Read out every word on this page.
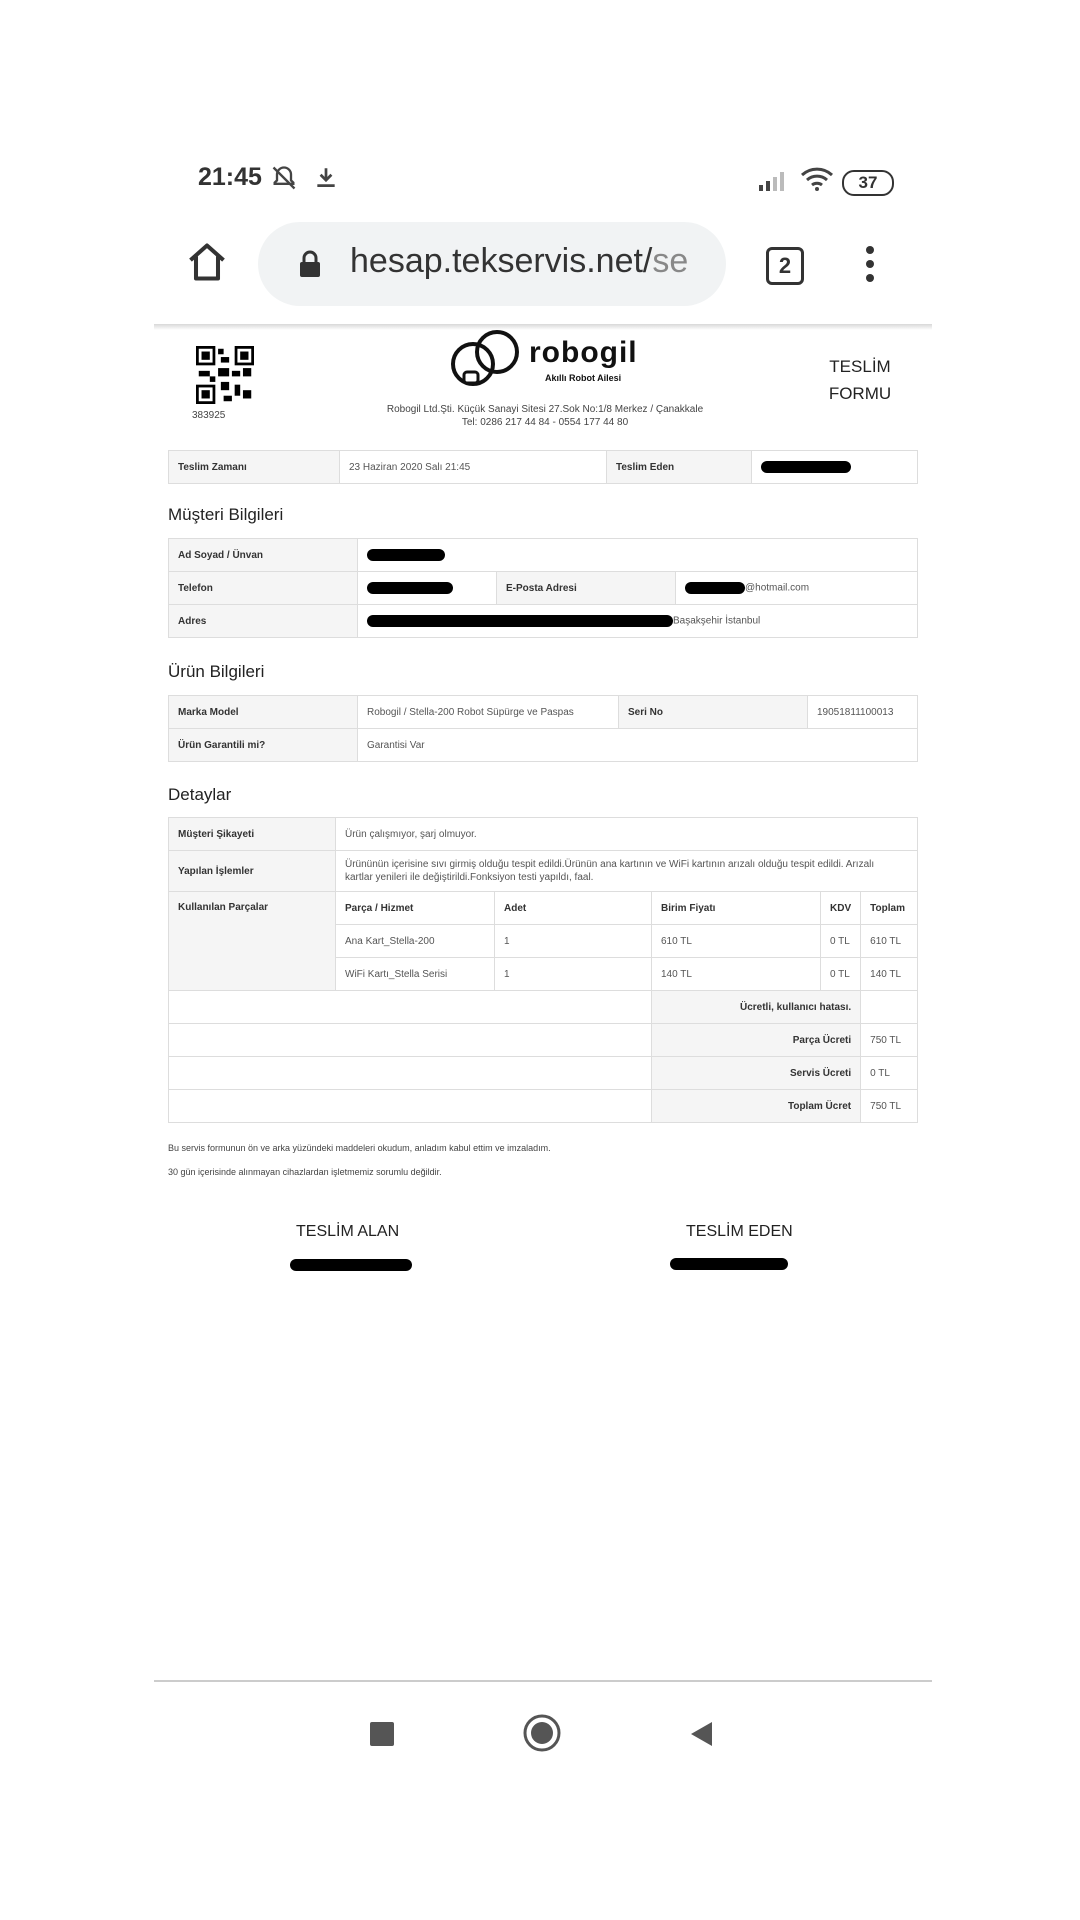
21:45

	37
hesap.tekservis.net/se	2
383925
robogil
Akıllı Robot Ailesi
Robogil Ltd.Şti. Küçük Sanayi Sitesi 27.Sok No:1/8 Merkez / Çanakkale
Tel: 0286 217 44 84 - 0554 177 44 80
TESLİM
FORMU
Teslim Zamanı	23 Haziran 2020 Salı 21:45	Teslim Eden	
Müşteri Bilgileri
Ad Soyad / Ünvan			
Telefon		E-Posta Adresi	@hotmail.com
Adres	Başakşehir İstanbul		
Ürün Bilgileri
Marka Model	Robogil / Stella-200 Robot Süpürge ve Paspas	Seri No	19051811100013
Ürün Garantili mi?	Garantisi Var		
Detaylar
Müşteri Şikayeti	Ürün çalışmıyor, şarj olmuyor.				
Yapılan İşlemler	Ürününün içerisine sıvı girmiş olduğu tespit edildi.Ürünün ana kartının ve WiFi kartının arızalı olduğu tespit edildi. Arızalı
kartlar yenileri ile değiştirildi.Fonksiyon testi yapıldı, faal.				

Kullanılan Parçalar	Parça / Hizmet	Adet	Birim Fiyatı	KDV	Toplam
	Ana Kart_Stella-200	1	610 TL	0 TL	610 TL
	WiFi Kartı_Stella Serisi	1	140 TL	0 TL	140 TL
			Ücretli, kullanıcı hatası.		
			Parça Ücreti		750 TL
			Servis Ücreti		0 TL
			Toplam Ücret		750 TL
Bu servis formunun ön ve arka yüzündeki maddeleri okudum, anladım kabul ettim ve imzaladım.
30 gün içerisinde alınmayan cihazlardan işletmemiz sorumlu değildir.
TESLİM ALAN	TESLİM EDEN
